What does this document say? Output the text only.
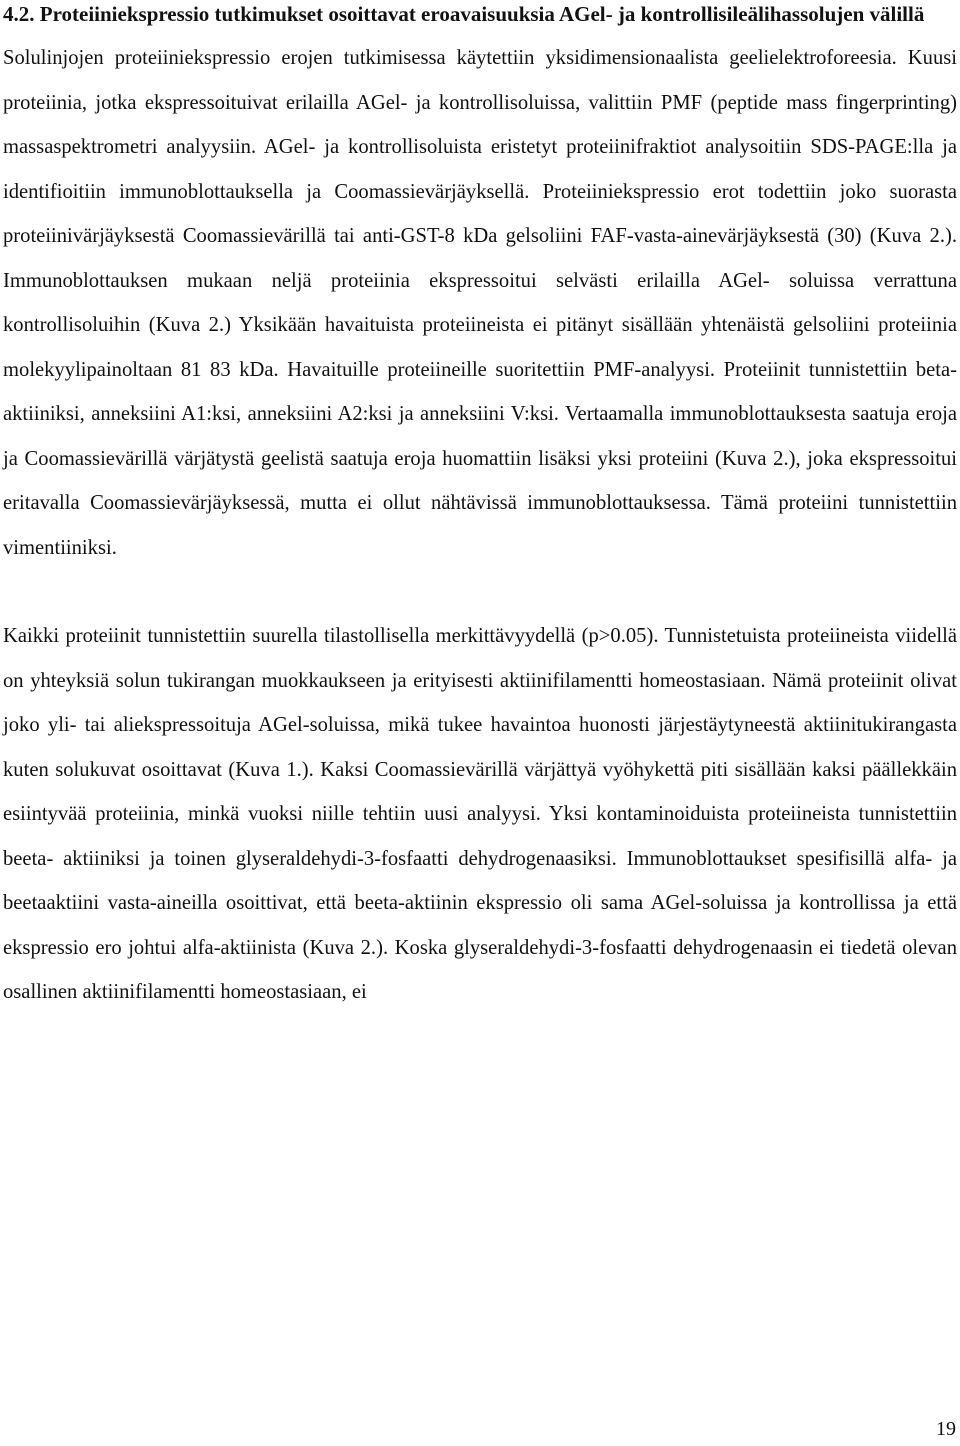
4.2. Proteiiniekspressio tutkimukset osoittavat eroavaisuuksia AGel- ja kontrollisileälihassolujen välillä

Solulinjojen proteiiniekspressio erojen tutkimisessa käytettiin yksidimensionaalista geelielektroforeesia. Kuusi proteiinia, jotka ekspressoituivat erilailla AGel- ja kontrollisoluissa, valittiin PMF (peptide mass fingerprinting) massaspektrometri analyysiin. AGel- ja kontrollisoluista eristetyt proteiinifraktiot analysoitiin SDS-PAGE:lla ja identifioitiin immunoblottauksella ja Coomassievärjäyksellä. Proteiiniekspressio erot todettiin joko suorasta proteiinivärjäyksestä Coomassievärillä tai anti-GST-8 kDa gelsoliini FAF-vasta-ainevärjäyksestä (30) (Kuva 2.). Immunoblottauksen mukaan neljä proteiinia ekspressoitui selvästi erilailla AGel- soluissa verrattuna kontrollisoluihin (Kuva 2.) Yksikään havaituista proteiineista ei pitänyt sisällään yhtenäistä gelsoliini proteiinia molekyylipainoltaan 81 83 kDa. Havaituille proteiineille suoritettiin PMF-analyysi. Proteiinit tunnistettiin beta-aktiiniksi, anneksiini A1:ksi, anneksiini A2:ksi ja anneksiini V:ksi. Vertaamalla immunoblottauksesta saatuja eroja ja Coomassievärillä värjätystä geelistä saatuja eroja huomattiin lisäksi yksi proteiini (Kuva 2.), joka ekspressoitui eritavalla Coomassievärjäyksessä, mutta ei ollut nähtävissä immunoblottauksessa. Tämä proteiini tunnistettiin vimentiiniksi.

Kaikki proteiinit tunnistettiin suurella tilastollisella merkittävyydellä (p>0.05). Tunnistetuista proteiineista viidellä on yhteyksiä solun tukirangan muokkaukseen ja erityisesti aktiinifilamentti homeostasiaan. Nämä proteiinit olivat joko yli- tai aliekspressoituja AGel-soluissa, mikä tukee havaintoa huonosti järjestäytyneestä aktiinitukirangasta kuten solukuvat osoittavat (Kuva 1.). Kaksi Coomassievärillä värjättyä vyöhykettä piti sisällään kaksi päällekkäin esiintyvää proteiinia, minkä vuoksi niille tehtiin uusi analyysi. Yksi kontaminoiduista proteiineista tunnistettiin beeta- aktiiniksi ja toinen glyseraldehydi-3-fosfaatti dehydrogenaasiksi. Immunoblottaukset spesifisillä alfa- ja beetaaktiini vasta-aineilla osoittivat, että beeta-aktiinin ekspressio oli sama AGel-soluissa ja kontrollissa ja että ekspressio ero johtui alfa-aktiinista (Kuva 2.). Koska glyseraldehydi-3-fosfaatti dehydrogenaasin ei tiedetä olevan osallinen aktiinifilamentti homeostasiaan, ei

19
